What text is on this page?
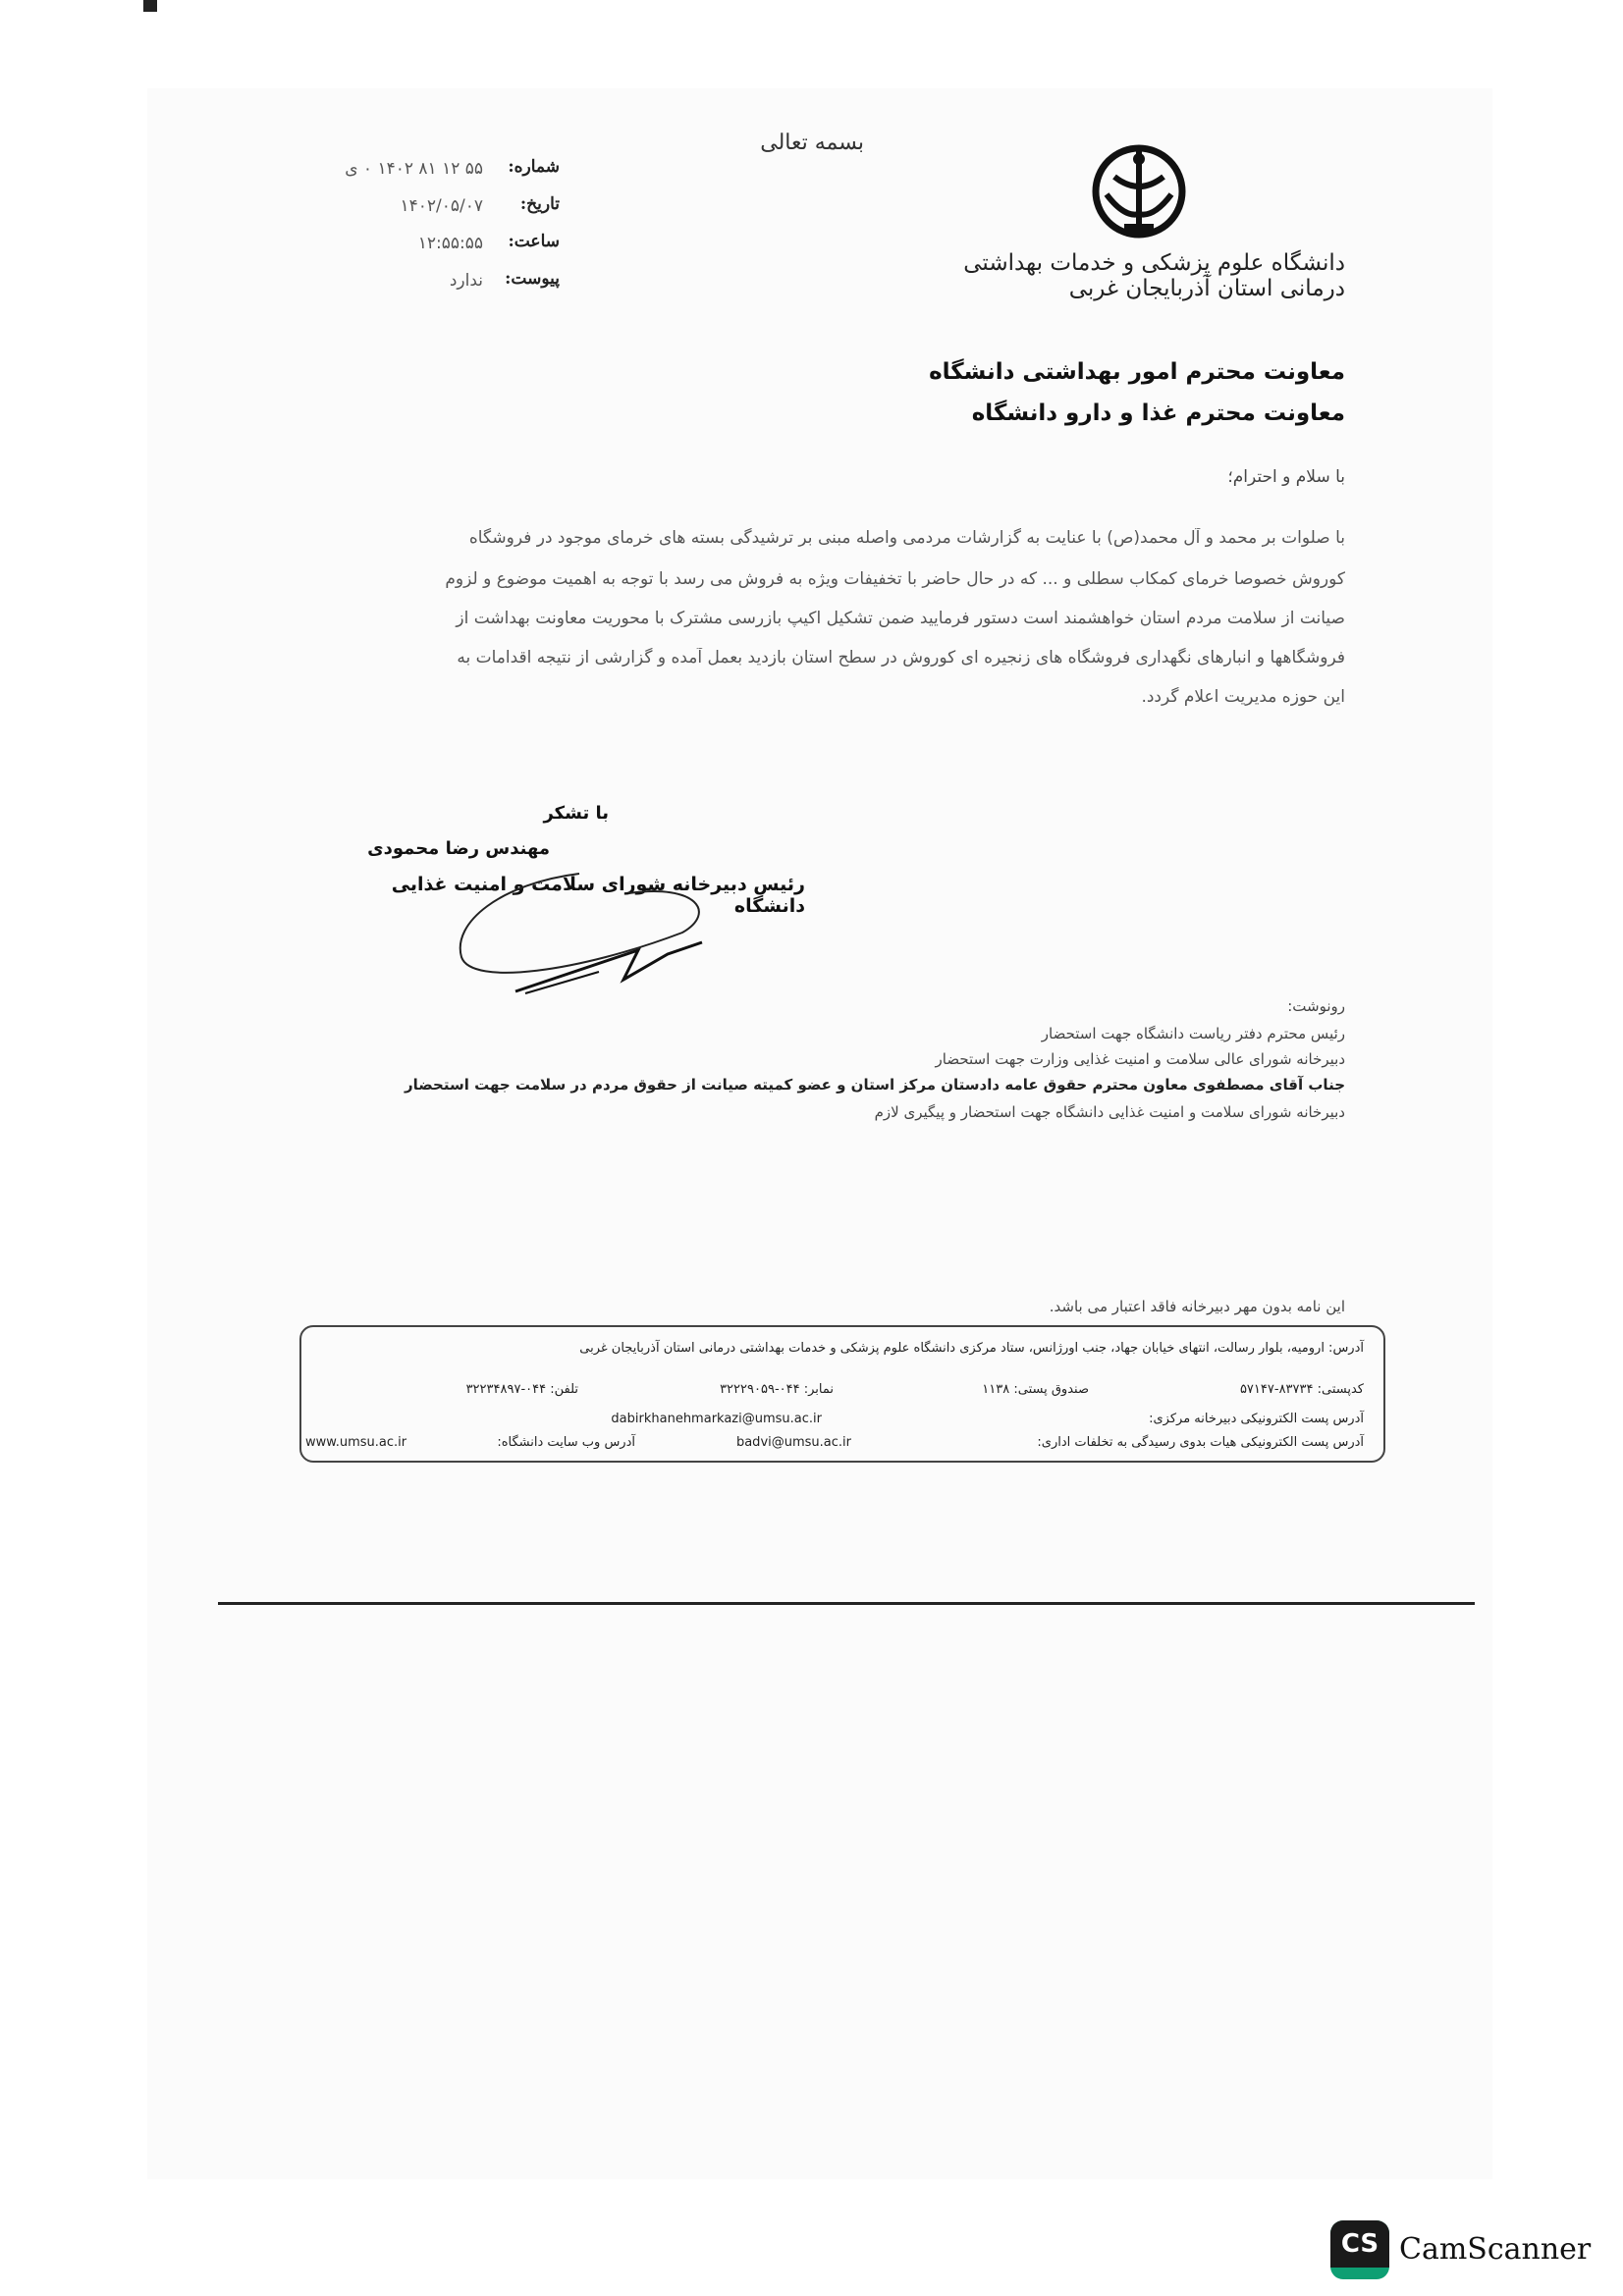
بسمه تعالی
دانشگاه علوم پزشکی و خدمات بهداشتی درمانی استان آذربایجان غربی
شماره:
۵۵ ۱۲ ۸۱ ۱۴۰۲ ۰ ی
تاریخ:
۱۴۰۲/۰۵/۰۷
ساعت:
۱۲:۵۵:۵۵
پیوست:
ندارد
معاونت محترم امور بهداشتی دانشگاه
معاونت محترم غذا و دارو دانشگاه
با سلام و احترام؛
با صلوات بر محمد و آل محمد(ص) با عنایت به گزارشات مردمی واصله مبنی بر ترشیدگی بسته های خرمای موجود در فروشگاه
کوروش خصوصا خرمای کمکاب سطلی و ... که در حال حاضر با تخفیفات ویژه به فروش می رسد با توجه به اهمیت موضوع و لزوم
صیانت از سلامت مردم استان خواهشمند است دستور فرمایید ضمن تشکیل اکیپ بازرسی مشترک با محوریت معاونت بهداشت از
فروشگاهها و انبارهای نگهداری فروشگاه های زنجیره ای کوروش در سطح استان بازدید بعمل آمده و گزارشی از نتیجه اقدامات به
این حوزه مدیریت اعلام گردد.
با تشکر
مهندس رضا محمودی
رئیس دبیرخانه شورای سلامت و امنیت غذایی دانشگاه
رونوشت:
رئیس محترم دفتر ریاست دانشگاه جهت استحضار
دبیرخانه شورای عالی سلامت و امنیت غذایی وزارت جهت استحضار
جناب آقای مصطفوی معاون محترم حقوق عامه دادستان مرکز استان و عضو کمیته صیانت از حقوق مردم در سلامت جهت استحضار
دبیرخانه شورای سلامت و امنیت غذایی دانشگاه جهت استحضار و پیگیری لازم
این نامه بدون مهر دبیرخانه فاقد اعتبار می باشد.
آدرس: ارومیه، بلوار رسالت، انتهای خیابان جهاد، جنب اورژانس، ستاد مرکزی دانشگاه علوم پزشکی و خدمات بهداشتی درمانی استان آذربایجان غربی
کدپستی: ۸۳۷۳۴-۵۷۱۴۷
صندوق پستی: ۱۱۳۸
نمابر: ۰۴۴-۳۲۲۲۹۰۵۹
تلفن: ۰۴۴-۳۲۲۳۴۸۹۷
آدرس پست الکترونیکی دبیرخانه مرکزی:
dabirkhanehmarkazi@umsu.ac.ir
آدرس پست الکترونیکی هیات بدوی رسیدگی به تخلفات اداری:
badvi@umsu.ac.ir
آدرس وب سایت دانشگاه:
www.umsu.ac.ir
CS CamScanner
